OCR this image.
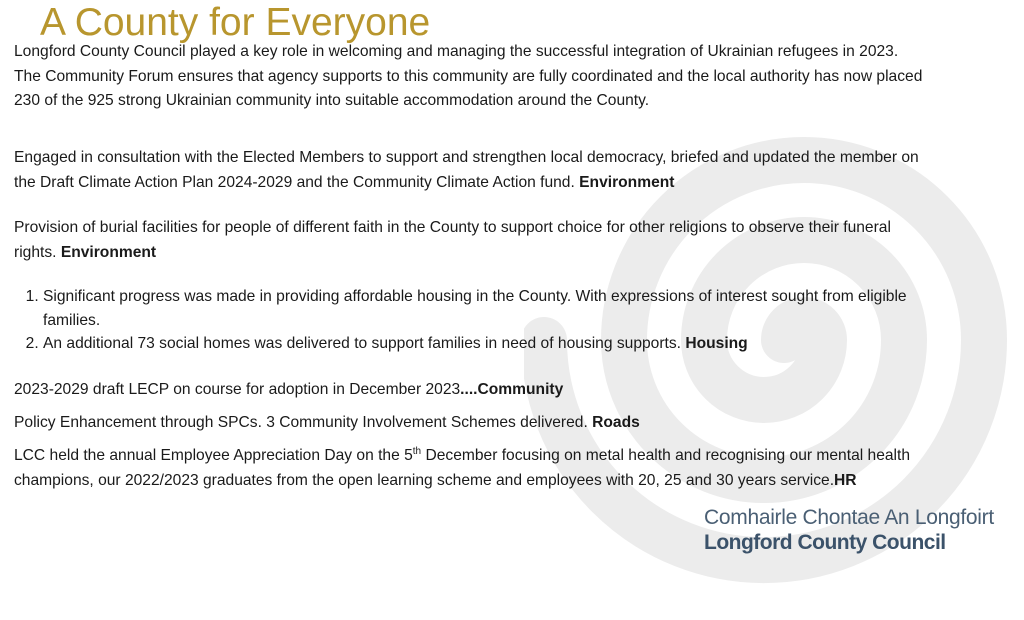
A County for Everyone

Longford County Council played a key role in welcoming and managing the successful integration of Ukrainian refugees in 2023. The Community Forum ensures that agency supports to this community are fully coordinated and the local authority has now placed 230 of the 925 strong Ukrainian community into suitable accommodation around the County.

Engaged in consultation with the Elected Members to support and strengthen local democracy, briefed and updated the member on the Draft Climate Action Plan 2024-2029 and the Community Climate Action fund. Environment

Provision of burial facilities for people of different faith in the County to support choice for other religions to observe their funeral rights. Environment

1. Significant progress was made in providing affordable housing in the County. With expressions of interest sought from eligible families.
2. An additional 73 social homes was delivered to support families in need of housing supports. Housing

2023-2029 draft LECP on course for adoption in December 2023....Community

Policy Enhancement through SPCs. 3 Community Involvement Schemes delivered. Roads

LCC held the annual Employee Appreciation Day on the 5th December focusing on metal health and recognising our mental health champions, our 2022/2023 graduates from the open learning scheme and employees with 20, 25 and 30 years service.HR

Comhairle Chontae An Longfoirt
Longford County Council
